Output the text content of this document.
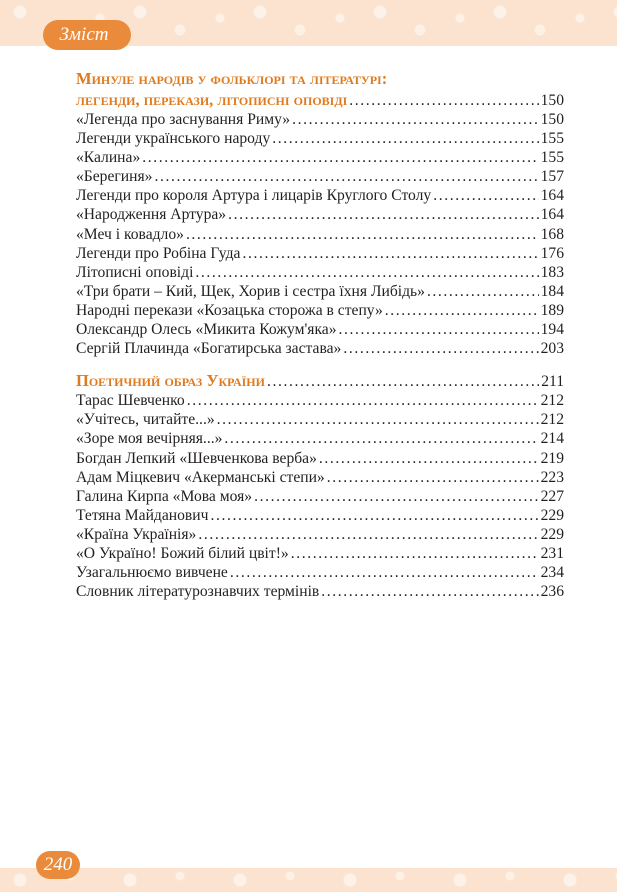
Зміст
Минуле народів у фольклорі та літературі:
легенди, перекази, літописні оповіді .....	150
«Легенда про заснування Риму» .....	150
Легенди українського народу .....	155
«Калина» .....	155
«Берегиня» .....	157
Легенди про короля Артура і лицарів Круглого Столу .....	164
«Народження Артура» .....	164
«Меч і ковадло» .....	168
Легенди про Робіна Гуда .....	176
Літописні оповіді .....	183
«Три брати – Кий, Щек, Хорив і сестра їхня Либідь» .....	184
Народні перекази «Козацька сторожа в степу» .....	189
Олександр Олесь «Микита Кожум'яка» .....	194
Сергій Плачинда «Богатирська застава» .....	203
Поетичний образ України .....	211
Тарас Шевченко .....	212
«Учітесь, читайте...» .....	212
«Зоре моя вечірняя...» .....	214
Богдан Лепкий «Шевченкова верба» .....	219
Адам Міцкевич «Акерманські степи» .....	223
Галина Кирпа «Мова моя» .....	227
Тетяна Майданович .....	229
«Країна Українія» .....	229
«О Україно! Божий білий цвіт!» .....	231
Узагальнюємо вивчене .....	234
Словник літературознавчих термінів .....	236
240
